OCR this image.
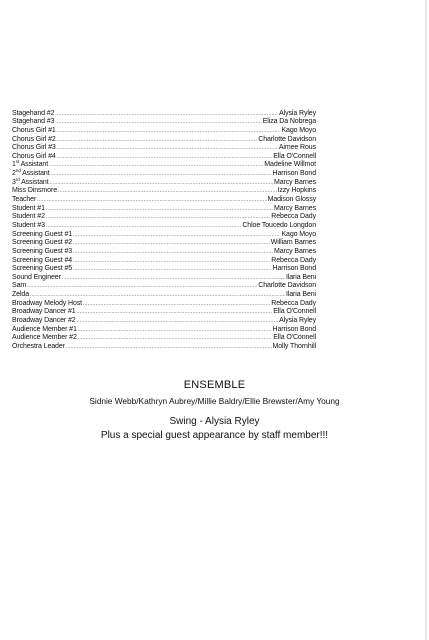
Stagehand #2 .....	Alysia Ryley
Stagehand #3 .....	Eliza Da Nobrega
Chorus Girl #1 .....	Kago Moyo
Chorus Girl #2 .....	Charlotte Davidson
Chorus Girl #3 .....	Aimee Rous
Chorus Girl #4 .....	Ella O'Connell
1st Assistant .....	Madeline Willmot
2nd Assistant .....	Harrison Bond
3rd Assistant .....	Marcy Barnes
Miss Dinsmore .....	Izzy Hopkins
Teacher .....	Madison Glossy
Student #1 .....	Marcy Barnes
Student #2 .....	Rebecca Dady
Student #3 .....	Chloe Toucedo Longdon
Screening Guest #1 .....	Kago Moyo
Screening Guest #2 .....	William Barnes
Screening Guest #3 .....	Marcy Barnes
Screening Guest #4 .....	Rebecca Dady
Screening Guest #5 .....	Harrison Bond
Sound Engineer .....	Ilaria Beni
Sam .....	Charlotte Davidson
Zelda .....	Ilaria Beni
Broadway Melody Host .....	Rebecca Dady
Broadway Dancer #1 .....	Ella O'Connell
Broadway Dancer #2 .....	Alysia Ryley
Audience Member #1 .....	Harrison Bond
Audience Member #2 .....	Ella O'Connell
Orchestra Leader .....	Molly Thornhill
ENSEMBLE
Sidnie Webb/Kathryn Aubrey/Millie Baldry/Ellie Brewster/Amy Young
Swing - Alysia Ryley
Plus a special guest appearance by staff member!!!
